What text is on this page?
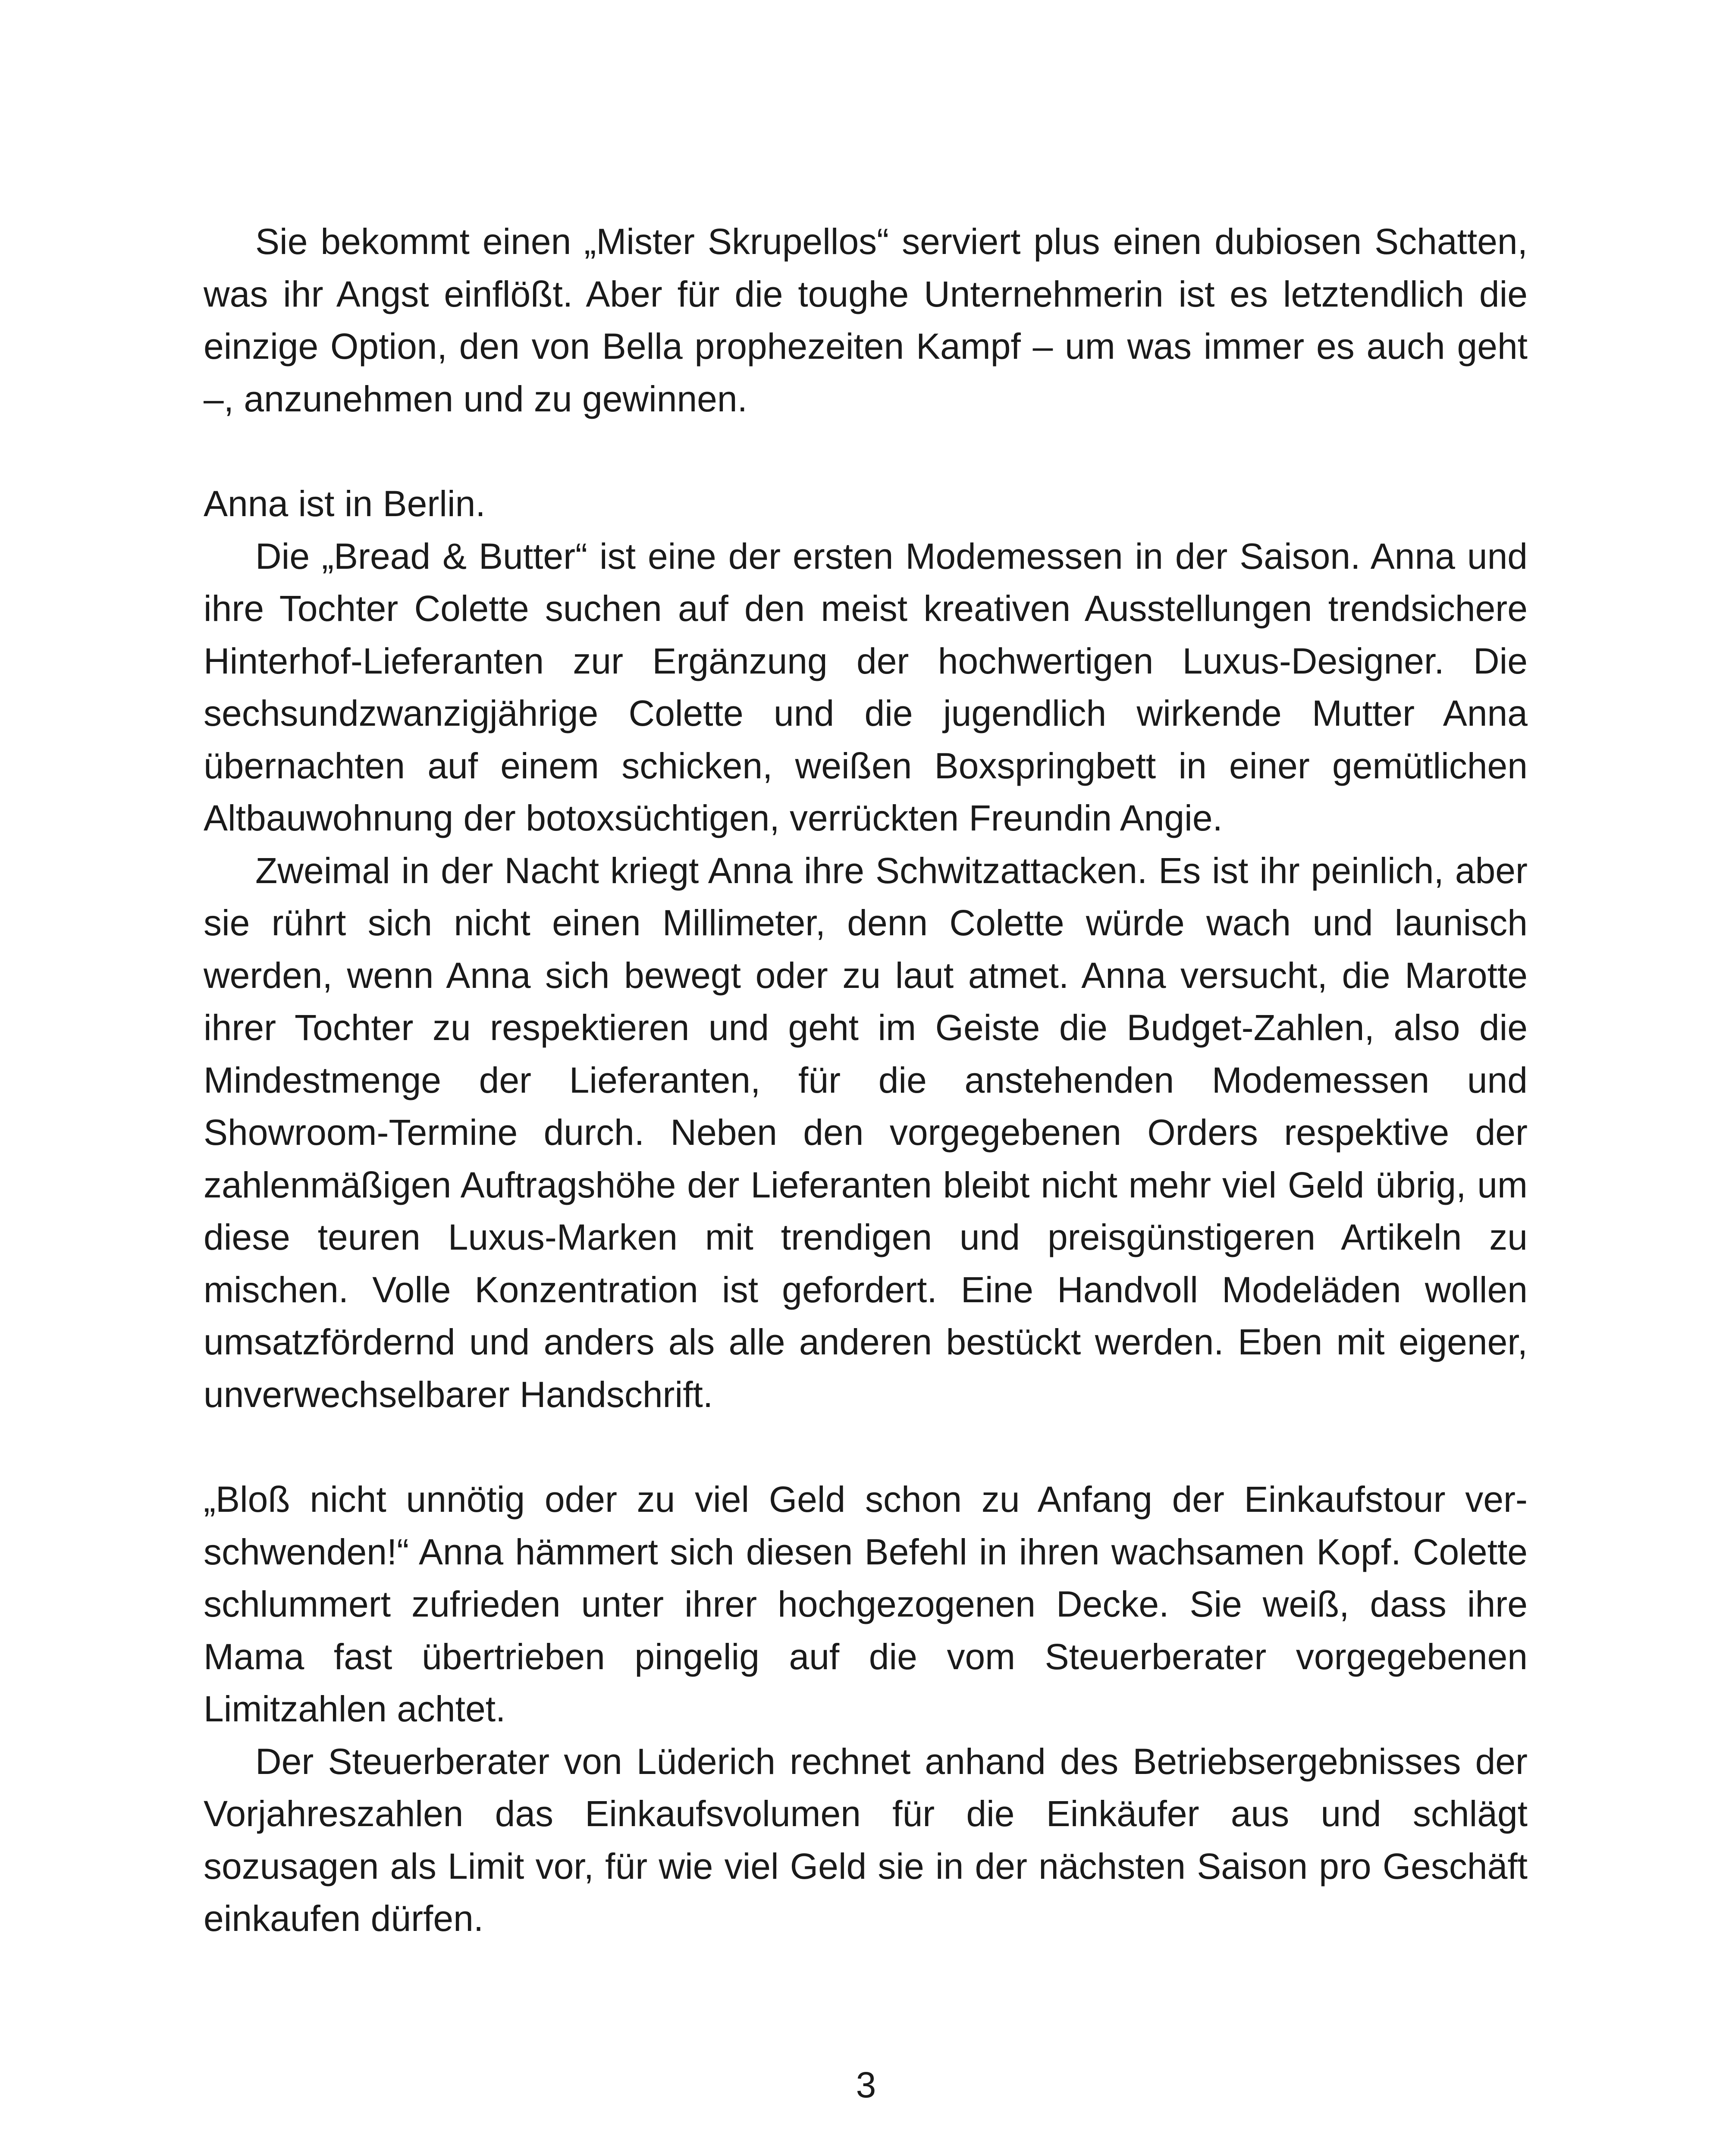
Sie bekommt einen „Mister Skrupellos“ serviert plus einen dubiosen Schatten, was ihr Angst einflößt. Aber für die toughe Unternehmerin ist es letztendlich die einzige Option, den von Bella prophezeiten Kampf – um was immer es auch geht –, anzunehmen und zu gewinnen.

Anna ist in Berlin.

Die „Bread & Butter“ ist eine der ersten Modemessen in der Saison. Anna und ihre Tochter Colette suchen auf den meist kreativen Ausstellungen trendsichere Hinterhof-Lieferanten zur Ergänzung der hochwertigen Luxus-Designer. Die sechsundzwanzigjährige Colette und die jugendlich wirkende Mutter Anna übernachten auf einem schicken, weißen Boxspringbett in einer gemütlichen Altbauwohnung der botoxsüchtigen, verrückten Freundin Angie.

Zweimal in der Nacht kriegt Anna ihre Schwitzattacken. Es ist ihr peinlich, aber sie rührt sich nicht einen Millimeter, denn Colette würde wach und launisch werden, wenn Anna sich bewegt oder zu laut atmet. Anna versucht, die Marotte ihrer Tochter zu respektieren und geht im Geiste die Budget-Zahlen, also die Mindestmenge der Lieferanten, für die anstehenden Modemessen und Showroom-Termine durch. Neben den vorgegebenen Orders respektive der zahlenmäßigen Auftragshöhe der Lieferanten bleibt nicht mehr viel Geld übrig, um diese teuren Luxus-Marken mit trendigen und preisgünstigeren Artikeln zu mischen. Volle Konzentration ist gefordert. Eine Handvoll Modeläden wollen umsatzfördernd und anders als alle anderen bestückt werden. Eben mit eigener, unverwechselbarer Handschrift.

„Bloß nicht unnötig oder zu viel Geld schon zu Anfang der Einkaufstour verschwenden!“ Anna hämmert sich diesen Befehl in ihren wachsamen Kopf. Colette schlummert zufrieden unter ihrer hochgezogenen Decke. Sie weiß, dass ihre Mama fast übertrieben pingelig auf die vom Steuerberater vorgegebenen Limitzahlen achtet.

Der Steuerberater von Lüderich rechnet anhand des Betriebsergebnisses der Vorjahreszahlen das Einkaufsvolumen für die Einkäufer aus und schlägt sozusagen als Limit vor, für wie viel Geld sie in der nächsten Saison pro Geschäft einkaufen dürfen.

3
